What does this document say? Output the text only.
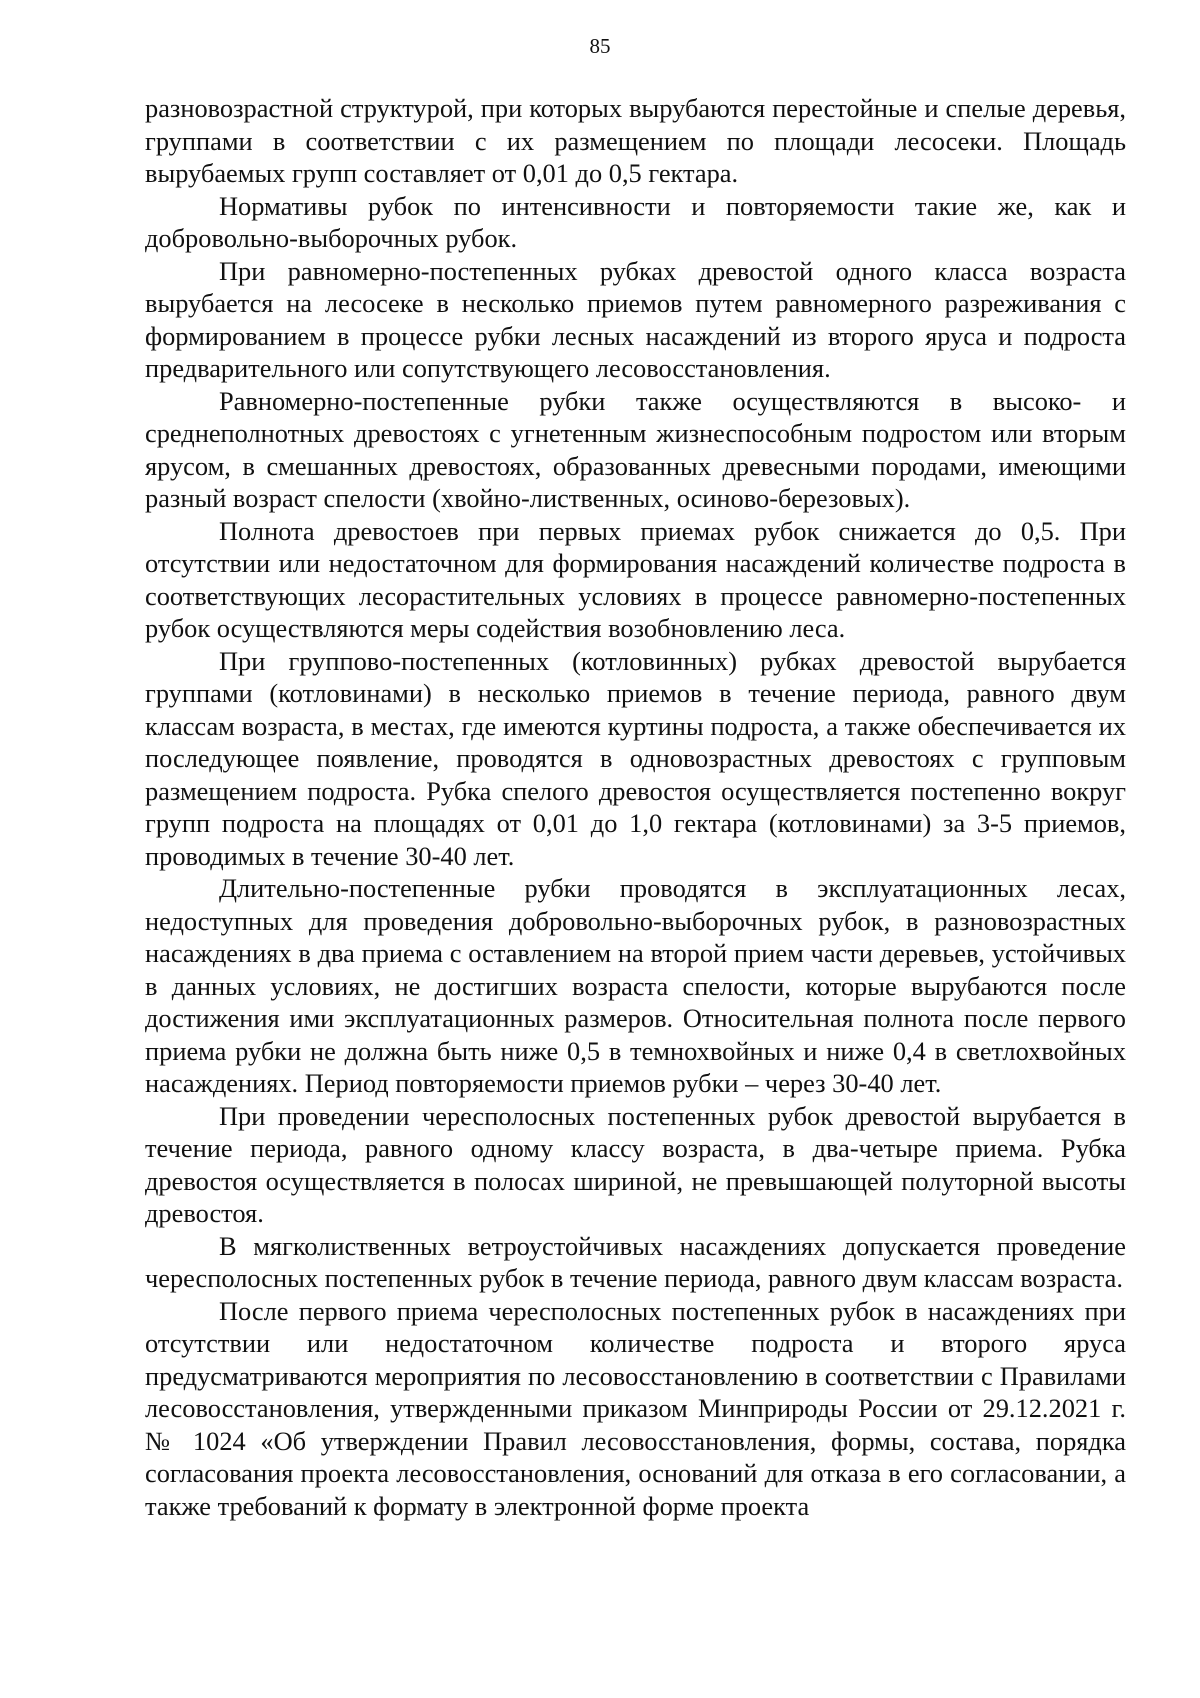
85

разновозрастной структурой, при которых вырубаются перестойные и спелые деревья, группами в соответствии с их размещением по площади лесосеки. Площадь вырубаемых групп составляет от 0,01 до 0,5 гектара.

Нормативы рубок по интенсивности и повторяемости такие же, как и добровольно-выборочных рубок.

При равномерно-постепенных рубках древостой одного класса возраста вырубается на лесосеке в несколько приемов путем равномерного разреживания с формированием в процессе рубки лесных насаждений из второго яруса и подроста предварительного или сопутствующего лесовосстановления.

Равномерно-постепенные рубки также осуществляются в высоко- и среднеполнотных древостоях с угнетенным жизнеспособным подростом или вторым ярусом, в смешанных древостоях, образованных древесными породами, имеющими разный возраст спелости (хвойно-лиственных, осиново-березовых).

Полнота древостоев при первых приемах рубок снижается до 0,5. При отсутствии или недостаточном для формирования насаждений количестве подроста в соответствующих лесорастительных условиях в процессе равномерно-постепенных рубок осуществляются меры содействия возобновлению леса.

При группово-постепенных (котловинных) рубках древостой вырубается группами (котловинами) в несколько приемов в течение периода, равного двум классам возраста, в местах, где имеются куртины подроста, а также обеспечивается их последующее появление, проводятся в одновозрастных древостоях с групповым размещением подроста. Рубка спелого древостоя осуществляется постепенно вокруг групп подроста на площадях от 0,01 до 1,0 гектара (котловинами) за 3-5 приемов, проводимых в течение 30-40 лет.

Длительно-постепенные рубки проводятся в эксплуатационных лесах, недоступных для проведения добровольно-выборочных рубок, в разновозрастных насаждениях в два приема с оставлением на второй прием части деревьев, устойчивых в данных условиях, не достигших возраста спелости, которые вырубаются после достижения ими эксплуатационных размеров. Относительная полнота после первого приема рубки не должна быть ниже 0,5 в темнохвойных и ниже 0,4 в светлохвойных насаждениях. Период повторяемости приемов рубки – через 30-40 лет.

При проведении чересполосных постепенных рубок древостой вырубается в течение периода, равного одному классу возраста, в два-четыре приема. Рубка древостоя осуществляется в полосах шириной, не превышающей полуторной высоты древостоя.

В мягколиственных ветроустойчивых насаждениях допускается проведение чересполосных постепенных рубок в течение периода, равного двум классам возраста.

После первого приема чересполосных постепенных рубок в насаждениях при отсутствии или недостаточном количестве подроста и второго яруса предусматриваются мероприятия по лесовосстановлению в соответствии с Правилами лесовосстановления, утвержденными приказом Минприроды России от 29.12.2021 г. № 1024 «Об утверждении Правил лесовосстановления, формы, состава, порядка согласования проекта лесовосстановления, оснований для отказа в его согласовании, а также требований к формату в электронной форме проекта
